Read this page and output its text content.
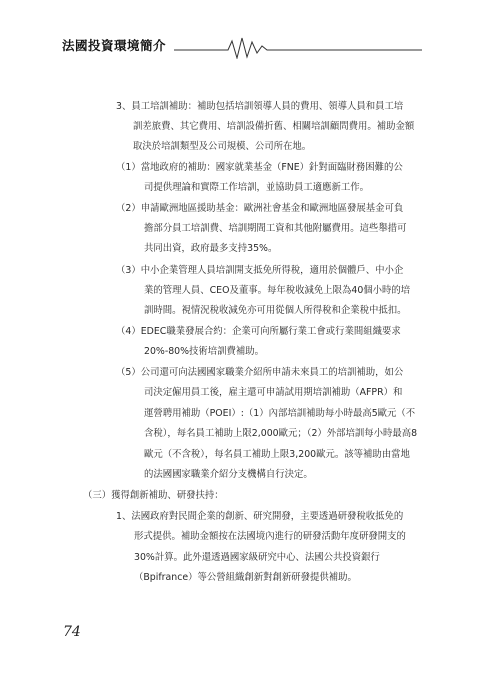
法國投資環境簡介
3、員工培訓補助：補助包括培訓領導人員的費用、領導人員和員工培
訓差旅費、其它費用、培訓設備折舊、相關培訓顧問費用。補助金額
取決於培訓類型及公司規模、公司所在地。
（1）當地政府的補助：國家就業基金（FNE）針對面臨財務困難的公
司提供理論和實際工作培訓，並協助員工適應新工作。
（2）申請歐洲地區援助基金：歐洲社會基金和歐洲地區發展基金可負
擔部分員工培訓費、培訓期間工資和其他附屬費用。這些舉措可
共同出資，政府最多支持35%。
（3）中小企業管理人員培訓開支抵免所得稅，適用於個體戶、中小企
業的管理人員、CEO及董事。每年稅收減免上限為40個小時的培
訓時間。視情況稅收減免亦可用從個人所得稅和企業稅中抵扣。
（4）EDEC職業發展合約：企業可向所屬行業工會或行業間組織要求
20%-80%技術培訓費補助。
（5）公司還可向法國國家職業介紹所申請未來員工的培訓補助，如公
司決定僱用員工後，雇主還可申請試用期培訓補助（AFPR）和
運營聘用補助（POEI）:（1）內部培訓補助每小時最高5歐元（不
含稅），每名員工補助上限2,000歐元；（2）外部培訓每小時最高8
歐元（不含稅），每名員工補助上限3,200歐元。該等補助由當地
的法國國家職業介紹分支機構自行決定。
（三）獲得創新補助、研發扶持：
1、法國政府對民間企業的創新、研究開發，主要透過研發稅收抵免的
形式提供。補助金額按在法國境內進行的研發活動年度研發開支的
30%計算。此外還透過國家級研究中心、法國公共投資銀行
（Bpifrance）等公營組織創新對創新研發提供補助。
74
